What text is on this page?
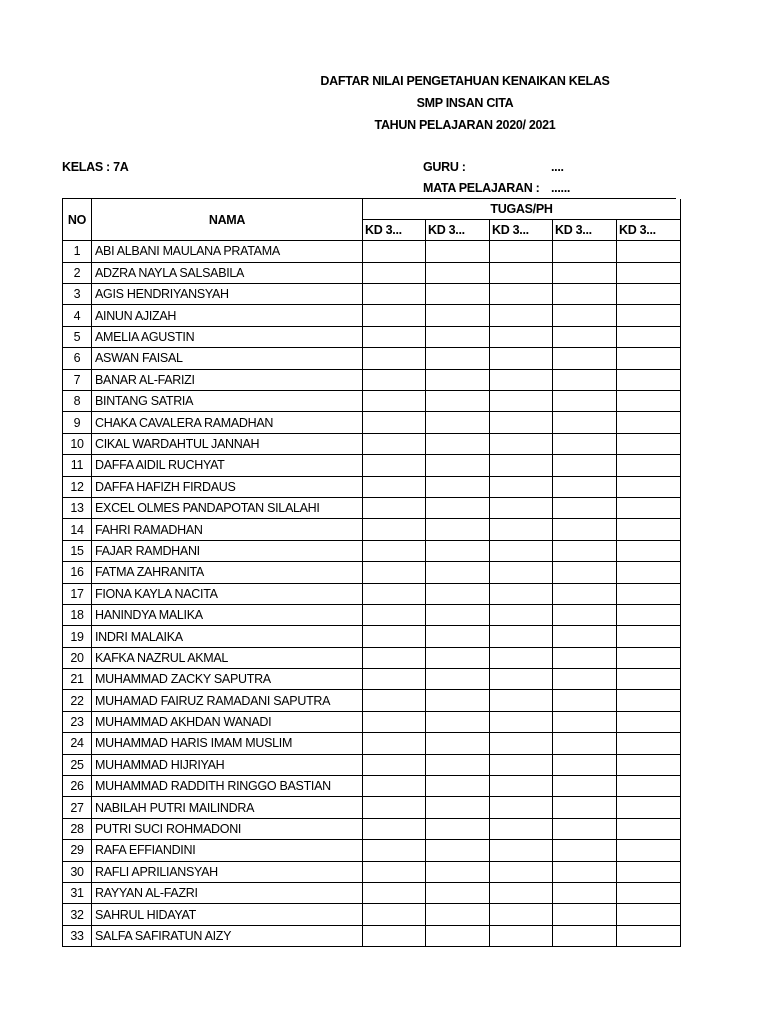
DAFTAR NILAI PENGETAHUAN KENAIKAN KELAS
SMP INSAN CITA
TAHUN PELAJARAN 2020/ 2021
KELAS : 7A	GURU :	....
MATA PELAJARAN : ......
NO	NAMA	TUGAS/PH				
		KD 3...	KD 3...	KD 3...	KD 3...	KD 3...
1	ABI ALBANI MAULANA PRATAMA					
2	ADZRA NAYLA SALSABILA					
3	AGIS HENDRIYANSYAH					
4	AINUN AJIZAH					
5	AMELIA AGUSTIN					
6	ASWAN FAISAL					
7	BANAR AL-FARIZI					
8	BINTANG SATRIA					
9	CHAKA CAVALERA RAMADHAN					
10	CIKAL WARDAHTUL JANNAH					
11	DAFFA AIDIL RUCHYAT					
12	DAFFA HAFIZH FIRDAUS					
13	EXCEL OLMES PANDAPOTAN SILALAHI					
14	FAHRI RAMADHAN					
15	FAJAR RAMDHANI					
16	FATMA ZAHRANITA					
17	FIONA KAYLA NACITA					
18	HANINDYA MALIKA					
19	INDRI MALAIKA					
20	KAFKA NAZRUL AKMAL					
21	MUHAMMAD ZACKY SAPUTRA					
22	MUHAMAD FAIRUZ RAMADANI SAPUTRA					
23	MUHAMMAD AKHDAN WANADI					
24	MUHAMMAD HARIS IMAM MUSLIM					
25	MUHAMMAD HIJRIYAH					
26	MUHAMMAD RADDITH RINGGO BASTIAN					
27	NABILAH PUTRI MAILINDRA					
28	PUTRI SUCI ROHMADONI					
29	RAFA EFFIANDINI					
30	RAFLI APRILIANSYAH					
31	RAYYAN AL-FAZRI					
32	SAHRUL HIDAYAT					
33	SALFA SAFIRATUN AIZY					
